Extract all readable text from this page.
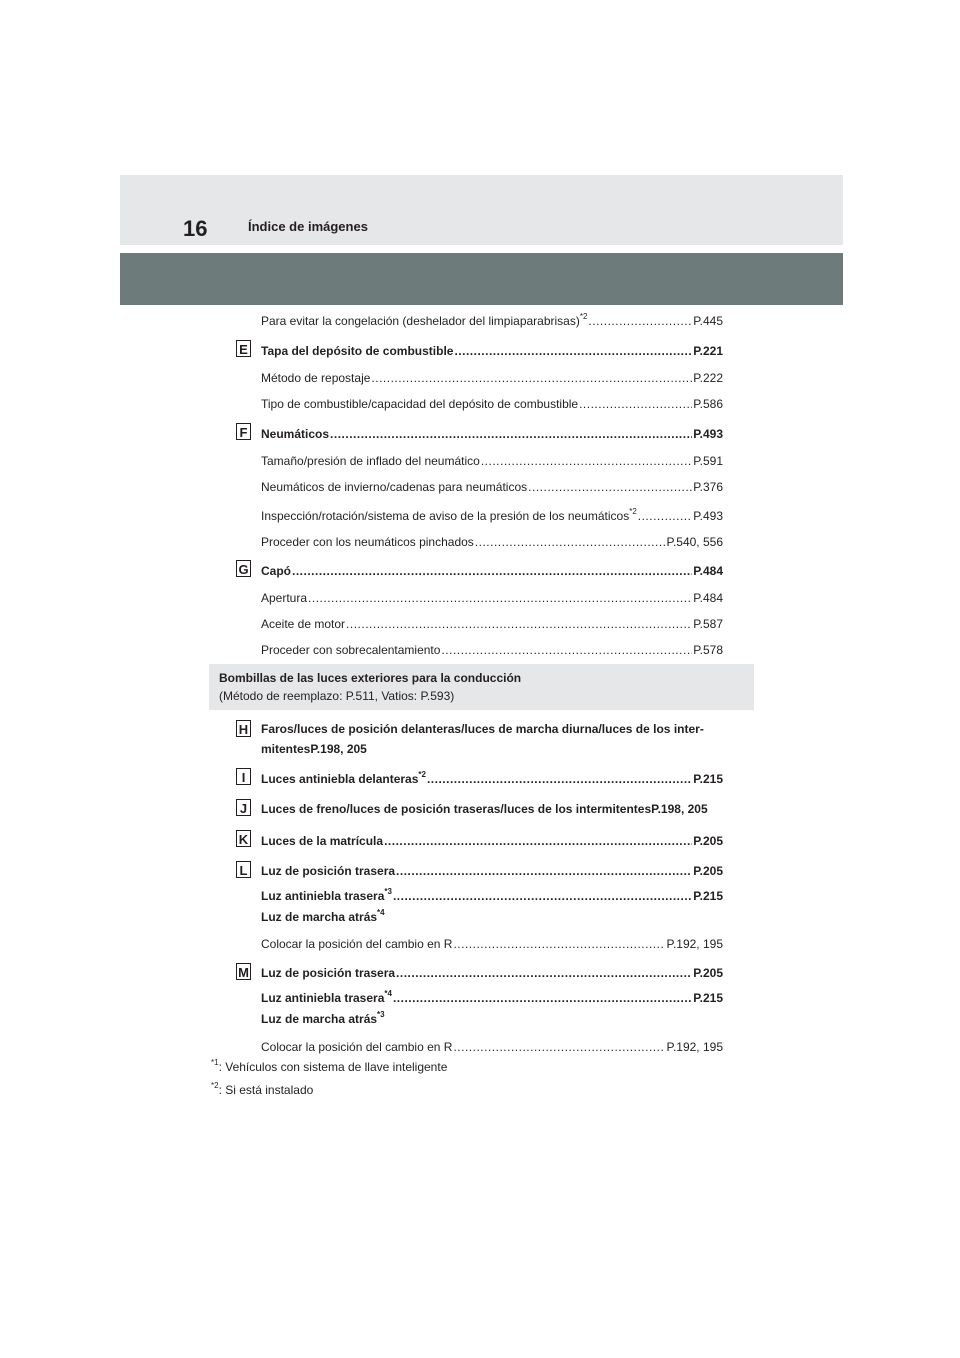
16	Índice de imágenes
Para evitar la congelación (deshelador del limpiaparabrisas)$^{*2}$ .....	P.445
E Tapa del depósito de combustible .....	P.221
Método de repostaje .....	P.222
Tipo de combustible/capacidad del depósito de combustible .....	P.586
F Neumáticos .....	P.493
Tamaño/presión de inflado del neumático .....	P.591
Neumáticos de invierno/cadenas para neumáticos .....	P.376
Inspección/rotación/sistema de aviso de la presión de los neumáticos$^{*2}$ .....	P.493
Proceder con los neumáticos pinchados .....	P.540, 556
G Capó .....	P.484
Apertura .....	P.484
Aceite de motor .....	P.587
Proceder con sobrecalentamiento .....	P.578
Bombillas de las luces exteriores para la conducción
(Método de reemplazo: P.511, Vatios: P.593)
H Faros/luces de posición delanteras/luces de marcha diurna/luces de los inter-
mitentesP.198, 205
I	Luces antiniebla delanteras$^{*2}$ .....	P.215
J	Luces de freno/luces de posición traseras/luces de los intermitentesP.198, 205
K Luces de la matrícula .....	P.205
L Luz de posición trasera .....	P.205
Luz antiniebla trasera$^{*3}$ .....	P.215
Luz de marcha atrás$^{*4}$
Colocar la posición del cambio en R .....	P.192, 195
M Luz de posición trasera .....	P.205
Luz antiniebla trasera$^{*4}$ .....	P.215
Luz de marcha atrás$^{*3}$
Colocar la posición del cambio en R .....	P.192, 195
$^{*1}$: Vehículos con sistema de llave inteligente
$^{*2}$: Si está instalado
